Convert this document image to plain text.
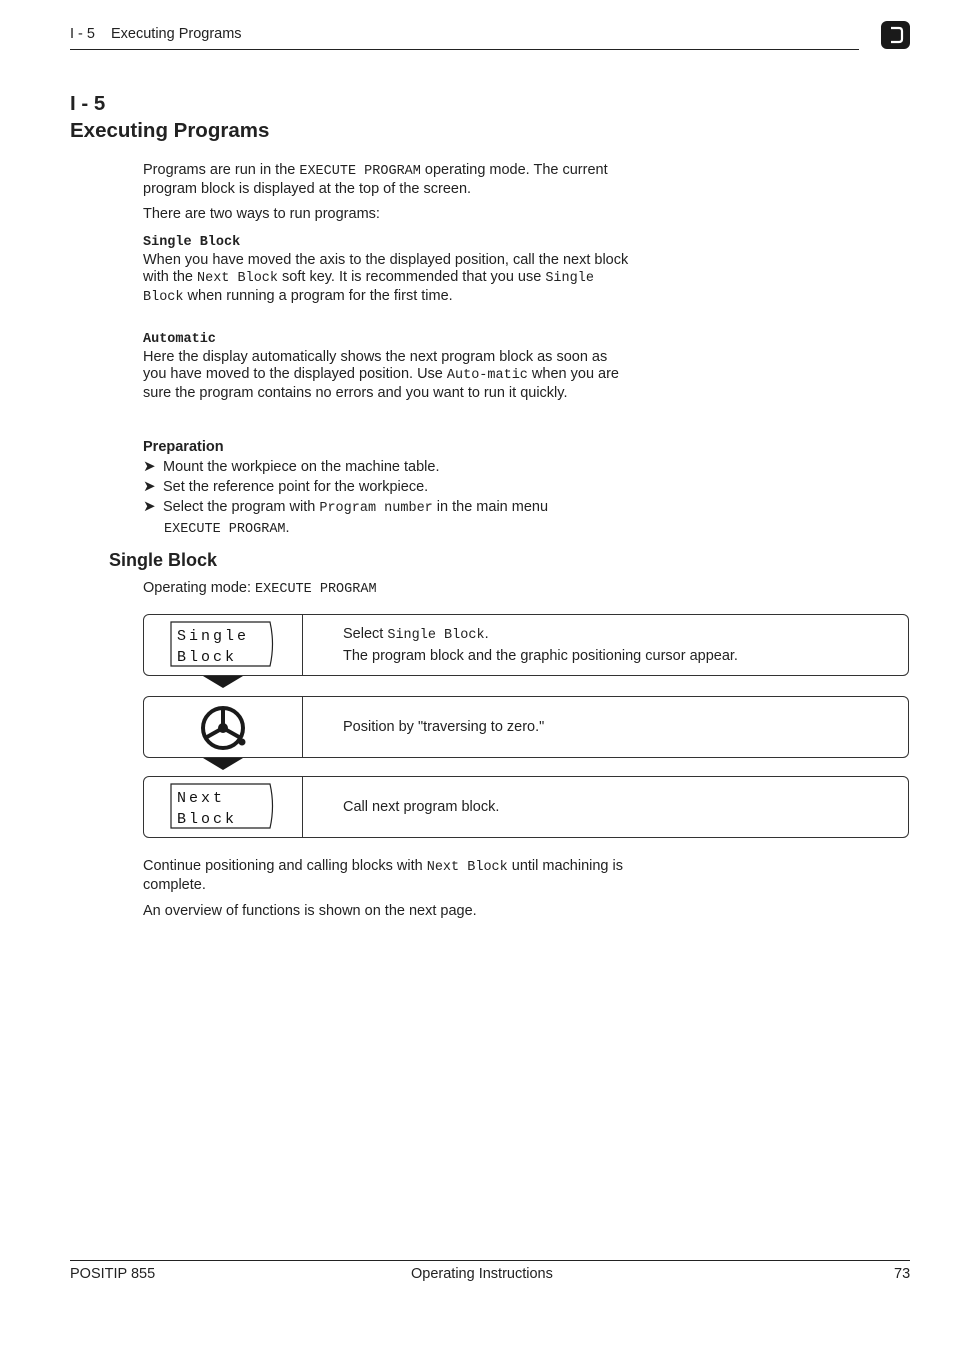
I - 5 Executing Programs
I - 5
Executing Programs

Programs are run in the EXECUTE PROGRAM operating mode. The current program block is displayed at the top of the screen.

There are two ways to run programs:

Single Block

When you have moved the axis to the displayed position, call the next block with the Next Block soft key. It is recommended that you use Single Block when running a program for the first time.

Automatic

Here the display automatically shows the next program block as soon as you have moved to the displayed position. Use Auto-matic when you are sure the program contains no errors and you want to run it quickly.

Preparation
➤ Mount the workpiece on the machine table.
➤ Set the reference point for the workpiece.
➤ Select the program with Program number in the main menu
EXECUTE PROGRAM.
Single Block
Operating mode: EXECUTE PROGRAM
Single
Block
Select Single Block.
The program block and the graphic positioning cursor appear.
Position by "traversing to zero."
Next
Block
Call next program block.

Continue positioning and calling blocks with Next Block until machining is complete.

An overview of functions is shown on the next page.

POSITIP 855	Operating Instructions	73
